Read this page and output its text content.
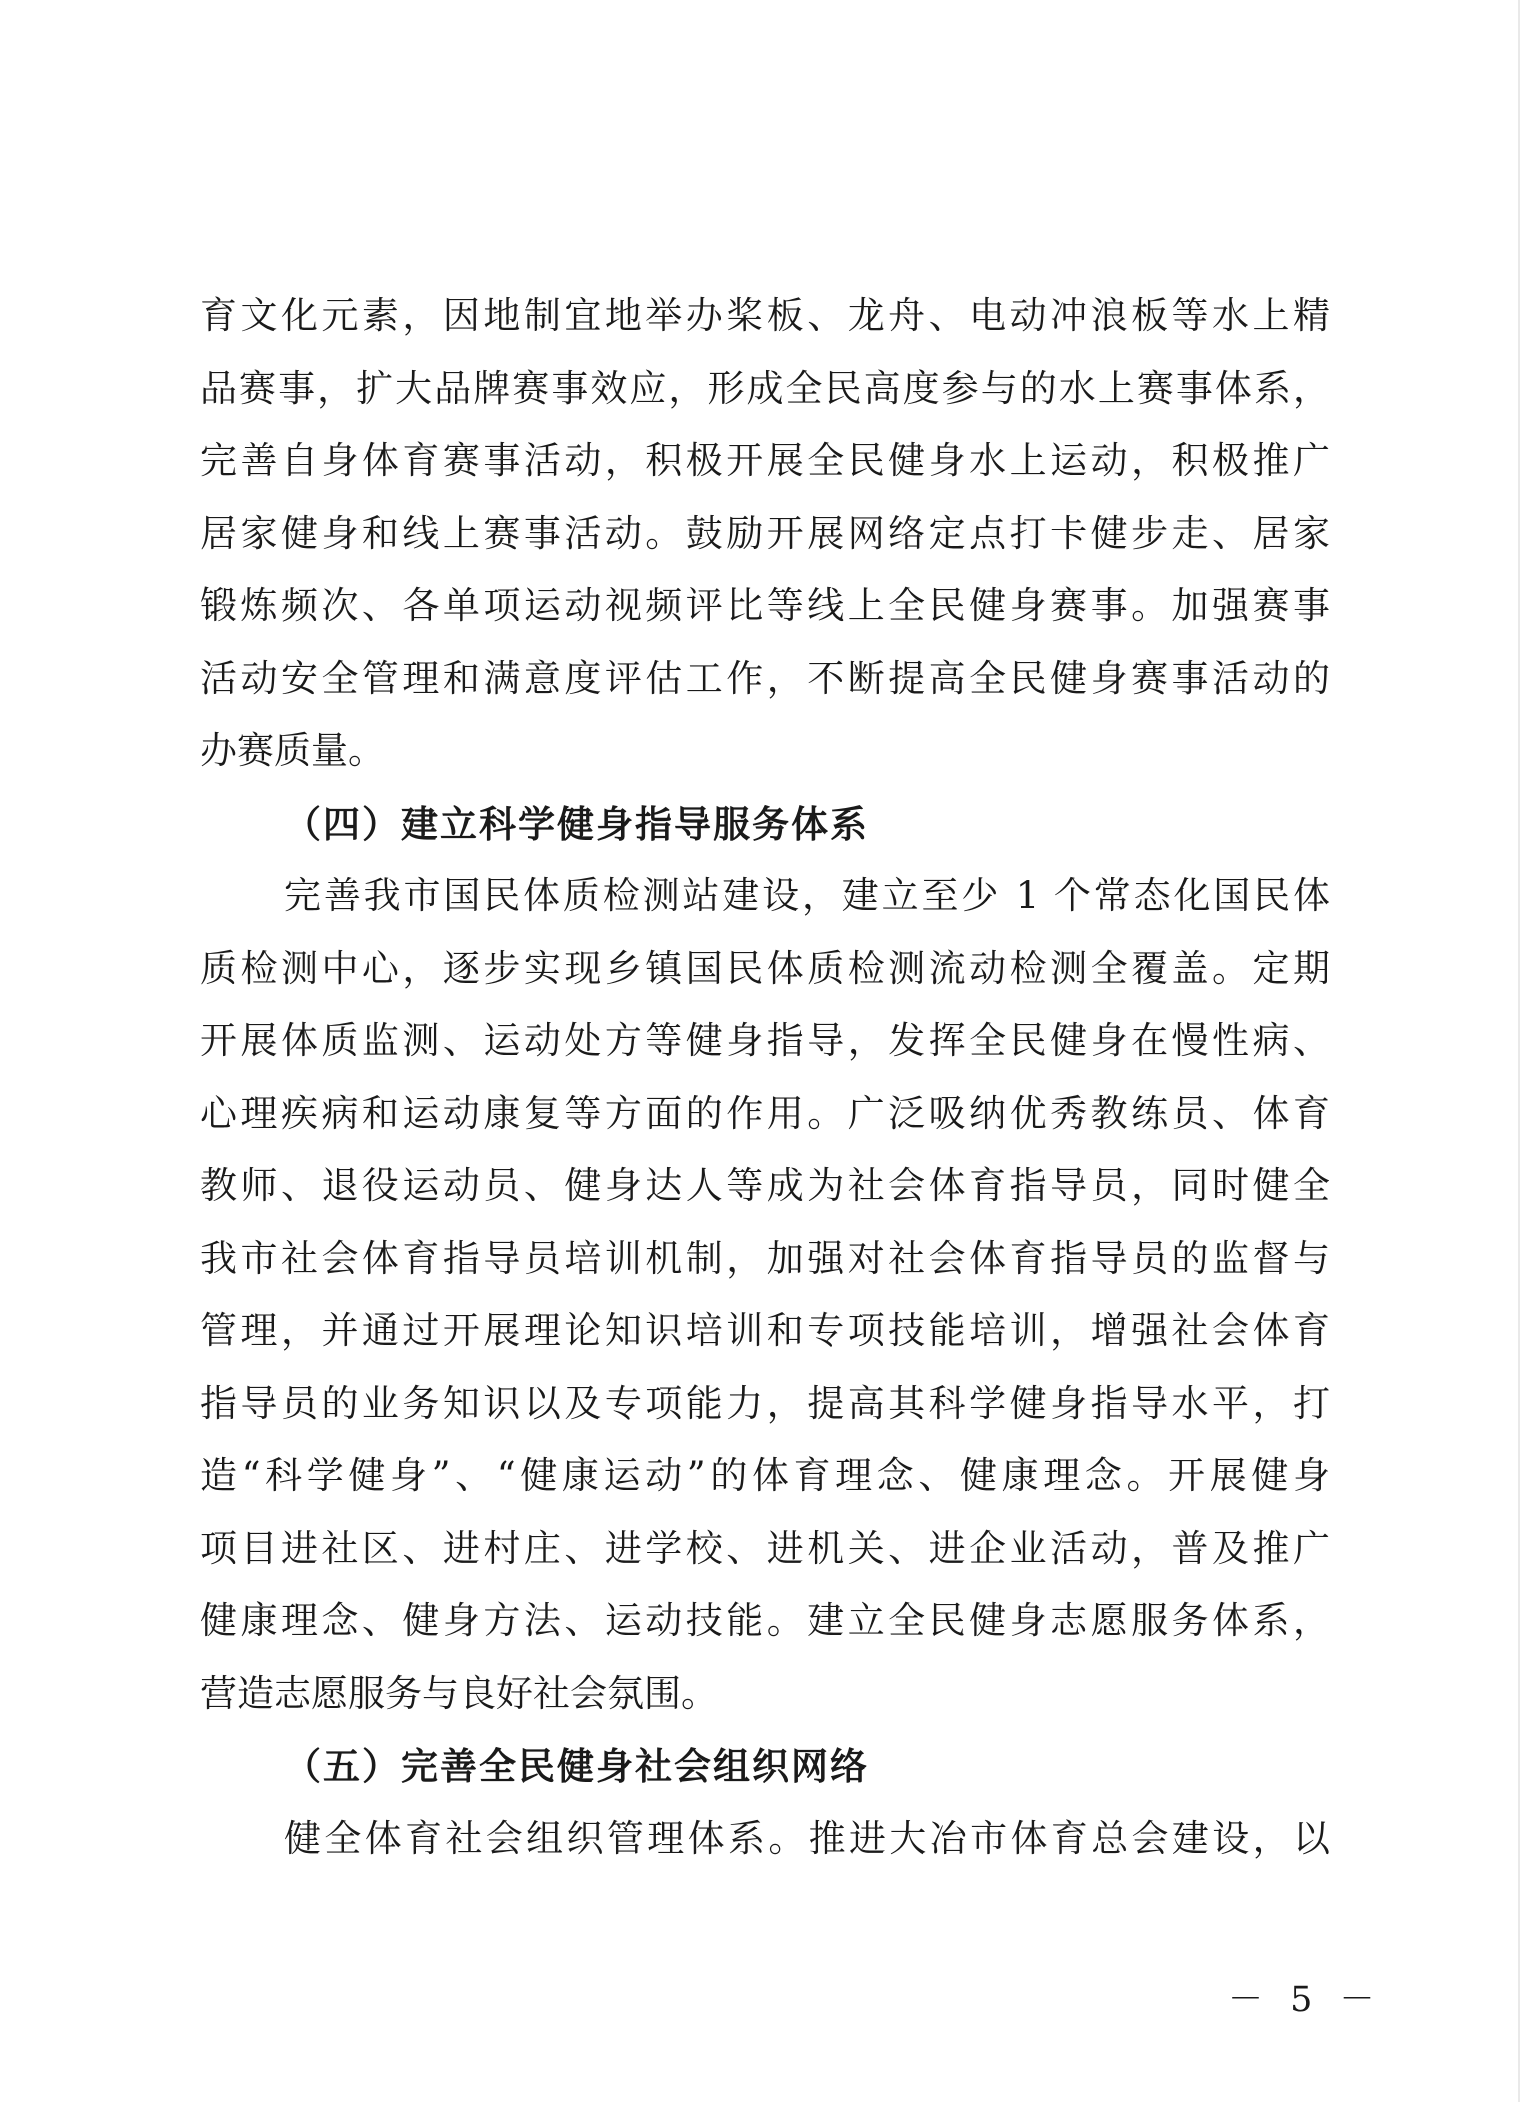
育文化元素，因地制宜地举办桨板、龙舟、电动冲浪板等水上精
品赛事，扩大品牌赛事效应，形成全民高度参与的水上赛事体系，
完善自身体育赛事活动，积极开展全民健身水上运动，积极推广
居家健身和线上赛事活动。鼓励开展网络定点打卡健步走、居家
锻炼频次、各单项运动视频评比等线上全民健身赛事。加强赛事
活动安全管理和满意度评估工作，不断提高全民健身赛事活动的
办赛质量。
（四）建立科学健身指导服务体系
完善我市国民体质检测站建设，建立至少 1 个常态化国民体
质检测中心，逐步实现乡镇国民体质检测流动检测全覆盖。定期
开展体质监测、运动处方等健身指导，发挥全民健身在慢性病、
心理疾病和运动康复等方面的作用。广泛吸纳优秀教练员、体育
教师、退役运动员、健身达人等成为社会体育指导员，同时健全
我市社会体育指导员培训机制，加强对社会体育指导员的监督与
管理，并通过开展理论知识培训和专项技能培训，增强社会体育
指导员的业务知识以及专项能力，提高其科学健身指导水平，打
造“科学健身”、“健康运动”的体育理念、健康理念。开展健身
项目进社区、进村庄、进学校、进机关、进企业活动，普及推广
健康理念、健身方法、运动技能。建立全民健身志愿服务体系，
营造志愿服务与良好社会氛围。
（五）完善全民健身社会组织网络
健全体育社会组织管理体系。推进大冶市体育总会建设，以
－ 5 －
